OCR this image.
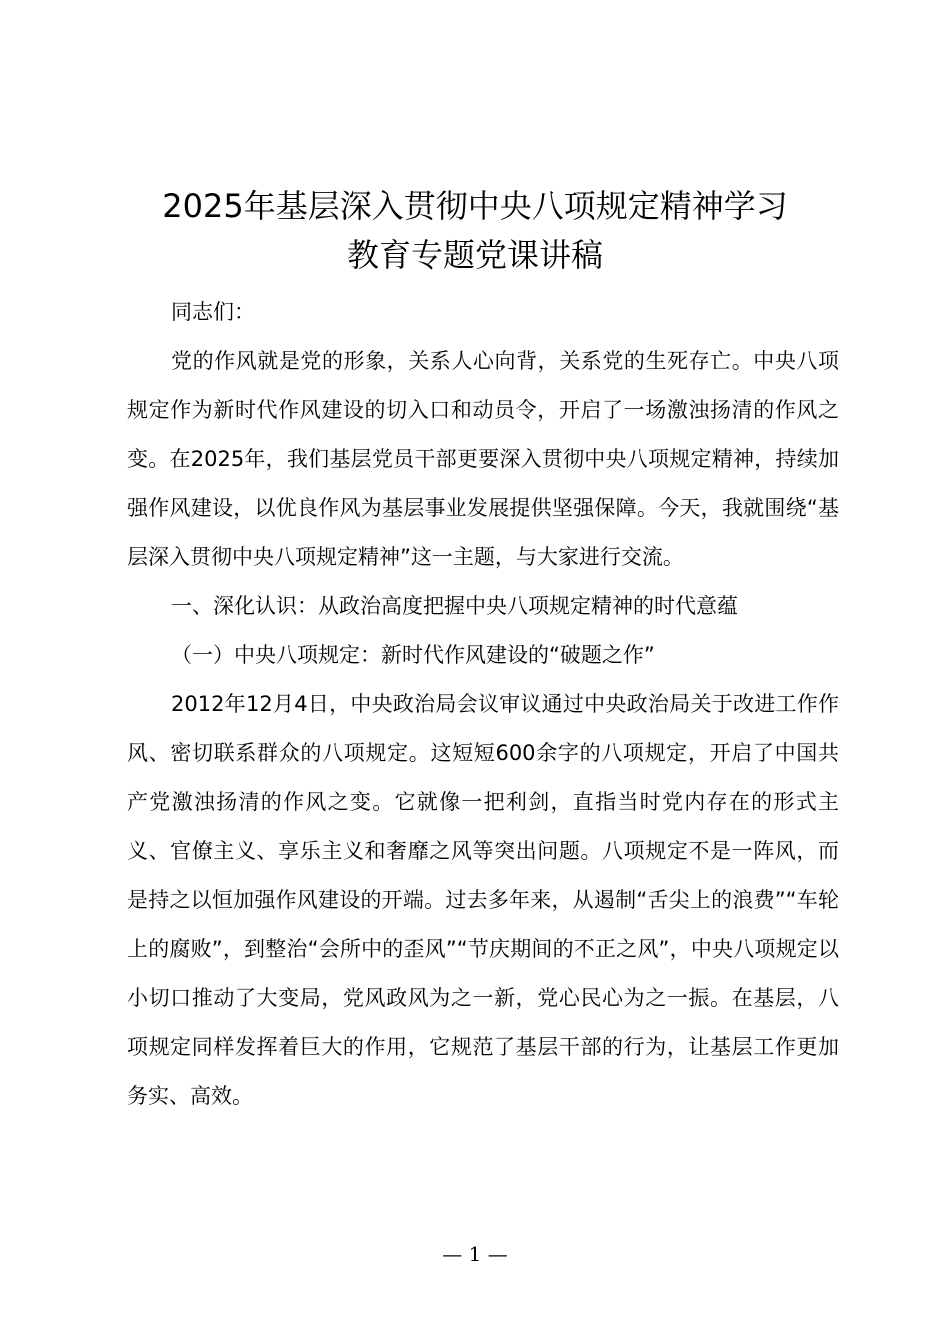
2025年基层深入贯彻中央八项规定精神学习
教育专题党课讲稿

同志们：

党的作风就是党的形象，关系人心向背，关系党的生死存亡。中央八项规定作为新时代作风建设的切入口和动员令，开启了一场激浊扬清的作风之变。在2025年，我们基层党员干部更要深入贯彻中央八项规定精神，持续加强作风建设，以优良作风为基层事业发展提供坚强保障。今天，我就围绕“基层深入贯彻中央八项规定精神”这一主题，与大家进行交流。

一、深化认识：从政治高度把握中央八项规定精神的时代意蕴

（一）中央八项规定：新时代作风建设的“破题之作”

2012年12月4日，中央政治局会议审议通过中央政治局关于改进工作作风、密切联系群众的八项规定。这短短600余字的八项规定，开启了中国共产党激浊扬清的作风之变。它就像一把利剑，直指当时党内存在的形式主义、官僚主义、享乐主义和奢靡之风等突出问题。八项规定不是一阵风，而是持之以恒加强作风建设的开端。过去多年来，从遏制“舌尖上的浪费”“车轮上的腐败”，到整治“会所中的歪风”“节庆期间的不正之风”，中央八项规定以小切口推动了大变局，党风政风为之一新，党心民心为之一振。在基层，八项规定同样发挥着巨大的作用，它规范了基层干部的行为，让基层工作更加务实、高效。

— 1 —
